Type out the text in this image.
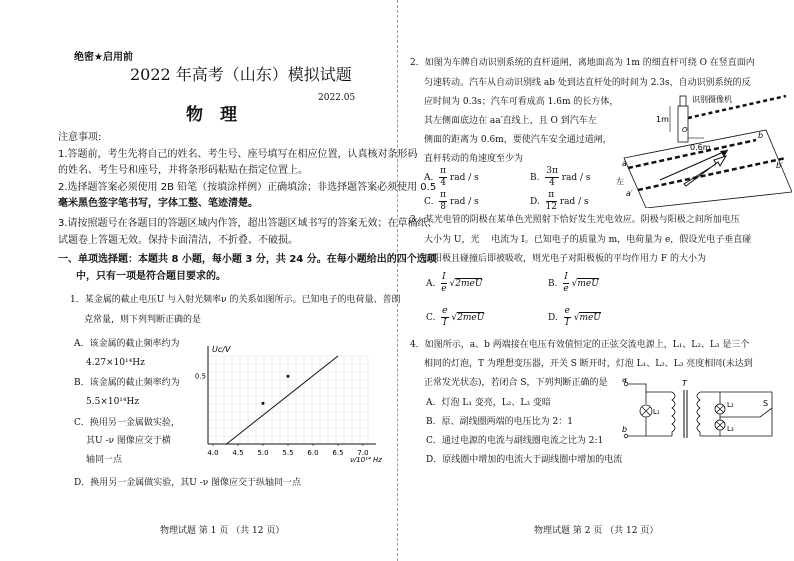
绝密★启用前
2022 年高考（山东）模拟试题
2022.05
物　理
注意事项:
1.答题前，考生先将自己的姓名、考生号、座号填写在相应位置，认真核对条形码
的姓名、考生号和座号，并将条形码粘贴在指定位置上。
2.选择题答案必须使用 2B 铅笔（按填涂样例）正确填涂；非选择题答案必须使用 0.5
毫米黑色签字笔书写，字体工整、笔迹清楚。
3.请按照题号在各题目的答题区域内作答，超出答题区域书写的答案无效；在草稿纸、
试题卷上答题无效。保持卡面清洁，不折叠、不破损。
一、单项选择题：本题共 8 小题，每小题 3 分，共 24 分。在每小题给出的四个选项
中，只有一项是符合题目要求的。
1．某金属的截止电压U 与入射光频率ν 的关系如图所示。已知电子的电荷量、普朗
克常量，则下列判断正确的是
A．该金属的截止频率约为
4.27×10¹⁴Hz
B．该金属的截止频率约为
5.5×10¹⁴Hz
C．换用另一金属做实验，
其U -ν 图像应交于横
轴同一点
D．换用另一金属做实验，其U -ν 图像应交于纵轴同一点
Uc/V
ν/10¹⁴ Hz
4.0 4.5 5.0 5.5 6.0 6.5 7.0
0.5
物理试题 第 1 页 （共 12 页）
2．如图为车牌自动识别系统的直杆道闸，离地面高为 1m 的细直杆可绕 O 在竖直面内
匀速转动。汽车从自动识别线 ab 处到达直杆处的时间为 2.3s，自动识别系统的反
应时间为 0.3s；汽车可看成高 1.6m 的长方体，
其左侧面底边在 aa′直线上，且 O 到汽车左
侧面的距离为 0.6m，要使汽车安全通过道闸，
直杆转动的角速度至少为
A. $\frac{\pi}{4}$ rad / s	B. $\frac{3\pi}{4}$ rad / s
C. $\frac{\pi}{8}$ rad / s	D. $\frac{\pi}{12}$ rad / s
识别摄像机
1m
0.6m
O
a
b
a′
b′
左
3．某光电管的阴极在某单色光照射下恰好发生光电效应。阴极与阳极之间所加电压
大小为 U，光　 电流为 I。已知电子的质量为 m，电荷量为 e，假设光电子垂直碰
撞阳极且碰撞后即被吸收，则光电子对阳极板的平均作用力 F 的大小为
A. $\frac{I}{e} √2meU$	B. $\frac{I}{e} √meU$
C. $\frac{e}{I} √2meU$	D. $\frac{e}{I} √meU$
4．如图所示，a、b 两端接在电压有效值恒定的正弦交流电源上，L₁、L₂、L₃ 是三个
相同的灯泡，T 为理想变压器，开关 S 断开时，灯泡 L₁、L₂、L₃ 亮度相同(未达到
正常发光状态)，若闭合 S，下列判断正确的是
A．灯泡 L₁ 变亮，L₂、L₃ 变暗
B．原、副线圈两端的电压比为 2：1
C．通过电源的电流与副线圈电流之比为 2:1
D．原线圈中增加的电流大于副线圈中增加的电流
a
b
T
L₁
L₂
L₃
S
物理试题 第 2 页 （共 12 页）
